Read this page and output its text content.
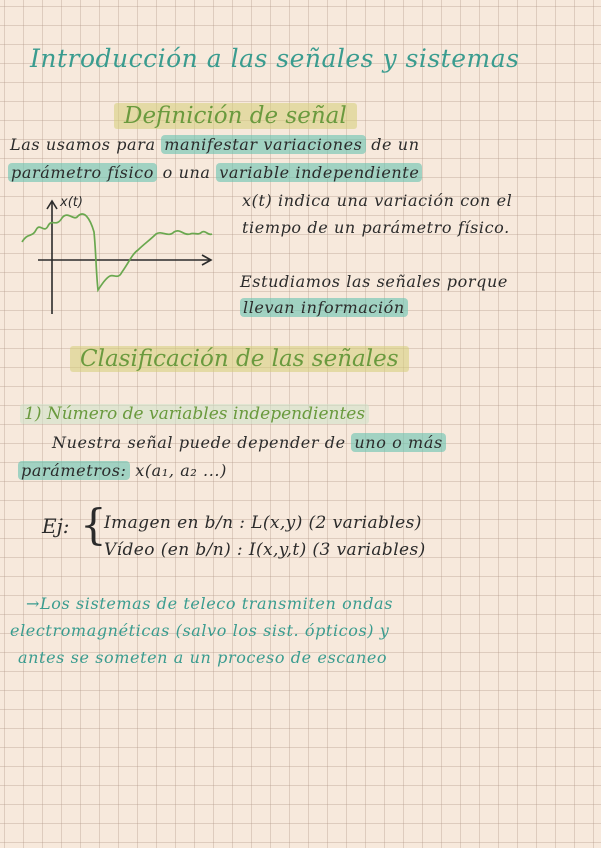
Introducción a las señales y sistemas
Definición de señal
Las usamos para manifestar variaciones de un
parámetro físico o una variable independiente
x(t)	x(t) indica una variación con el
tiempo de un parámetro físico.
Estudiamos las señales porque
llevan información
Clasificación de las señales
1) Número de variables independientes
Nuestra señal puede depender de uno o más
parámetros: x(a₁, a₂ ...)
Ej: {
Imagen en b/n : L(x,y) (2 variables)
Vídeo (en b/n) : I(x,y,t) (3 variables)
→Los sistemas de teleco transmiten ondas
electromagnéticas (salvo los sist. ópticos) y
antes se someten a un proceso de escaneo
